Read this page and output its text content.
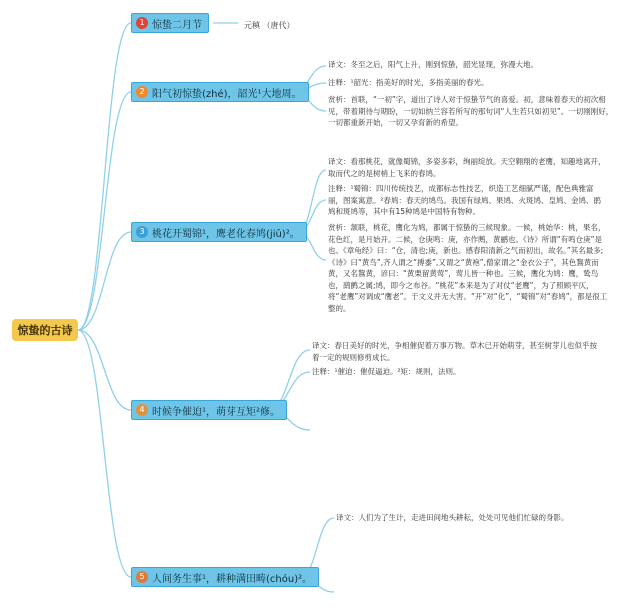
惊蛰的古诗
1 惊蛰二月节	元稹 （唐代）
2 阳气初惊蛰(zhé)，韶光¹大地周。
译文：冬至之后，阳气上升，刚到惊蛰，韶光显现，弥漫大地。
注释：¹韶光：指美好的时光，多指美丽的春光。
赏析：首联，“一初”字，道出了诗人对于惊蛰节气的喜爱。初，意味着春天的初次相见，带着期待与期盼，一切如纳兰容若所写的那句词“人生若只如初见”。一切刚刚好，一切都重新开始，一切又孕育新的希望。
3 桃花开蜀锦¹，鹰老化春鸠(jiū)²。
译文：看那桃花，就像蜀锦，多姿多彩，绚丽绽放。天空翱翔的老鹰，知趣地离开，取而代之的是树梢上飞来的春鸠。
注释：¹蜀锦：四川传统技艺，成都标志性技艺，织造工艺细腻严谨，配色典雅富丽，图案寓意。²春鸠：春天的鸠鸟。我国有绿鸠、果鸠、火斑鸠、皇鸠、金鸠、鹃鸠和斑鸠等，其中有15种鸠是中国特有物种。
赏析：颔联，桃花，鹰化为鸠，都属于惊蛰的三候现象。一候，桃始华：桃，果名，花色红，是月始开。二候，仓庚鸣：庚，亦作鹒，黄鹂也。《诗》所谓“有鸣仓庚”是也。《章龟经》曰：“仓，清也;庚，新也。感春阳清新之气而初出，故名。”其名最多;《诗》曰“黄鸟”,齐人谓之“搏黍”,又谓之“黄袍”,僧家谓之“金衣公子”，其色鵹黄而黄，又名鵹黄，谚曰：“黄栗留黄莺”，莺儿皆一种也。三候，鹰化为鸠：鹰，鸷鸟也，鹞鹯之属;鸠，即今之布谷。“桃花”本来是为了对仗“老鹰”，为了照顾平仄，将“老鹰”对调成“鹰老”。于文义并无大害。“开”对“化”，“蜀锦”对“春鸠”，都是很工整的。
4 时候争催迫¹，萌芽互矩²修。
译文：春日美好的时光，争相催促着万事万物。草木已开始萌芽，甚至树芽儿也似乎按着一定的规则修剪成长。
注释：¹催迫：催促逼迫。²矩：规则，法则。
5 人间务生事¹，耕种满田畴(chóu)²。
译文：人们为了生计，走进田间地头耕耘，处处可见他们忙碌的身影。
